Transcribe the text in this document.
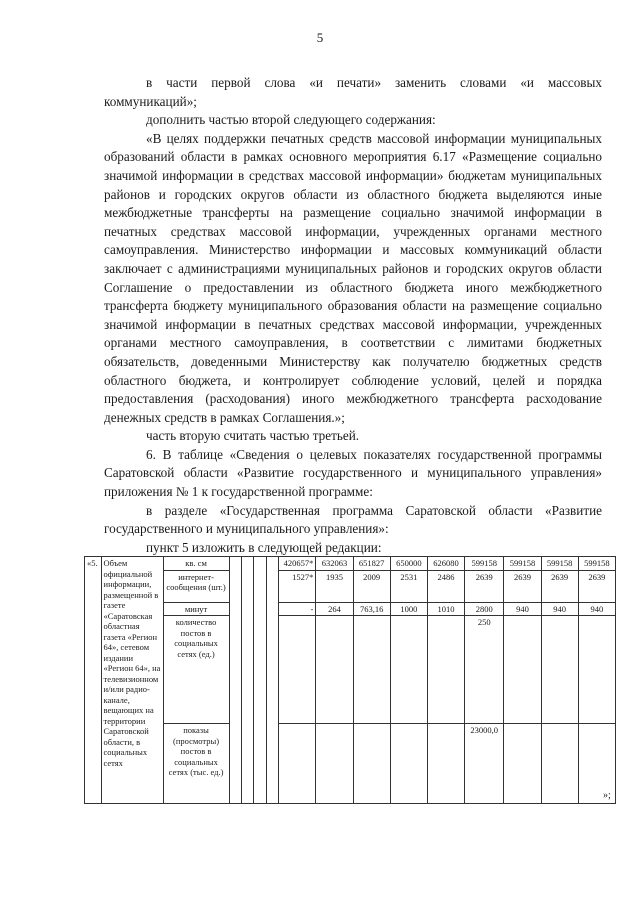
5

в части первой слова «и печати» заменить словами «и массовых коммуникаций»;

дополнить частью второй следующего содержания:

«В целях поддержки печатных средств массовой информации муниципальных образований области в рамках основного мероприятия 6.17 «Размещение социально значимой информации в средствах массовой информации» бюджетам муниципальных районов и городских округов области из областного бюджета выделяются иные межбюджетные трансферты на размещение социально значимой информации в печатных средствах массовой информации, учрежденных органами местного самоуправления. Министерство информации и массовых коммуникаций области заключает с администрациями муниципальных районов и городских округов области Соглашение о предоставлении из областного бюджета иного межбюджетного трансферта бюджету муниципального образования области на размещение социально значимой информации в печатных средствах массовой информации, учрежденных органами местного самоуправления, в соответствии с лимитами бюджетных обязательств, доведенными Министерству как получателю бюджетных средств областного бюджета, и контролирует соблюдение условий, целей и порядка предоставления (расходования) иного межбюджетного трансферта расходование денежных средств в рамках Соглашения.»;

часть вторую считать частью третьей.

6. В таблице «Сведения о целевых показателях государственной программы Саратовской области «Развитие государственного и муниципального управления» приложения № 1 к государственной программе:

в разделе «Государственная программа Саратовской области «Развитие государственного и муниципального управления»:

пункт 5 изложить в следующей редакции:

«5.	Объем официальной информации, размещенной в газете «Саратовская областная газета «Регион 64», сетевом издании «Регион 64», на телевизионном и/или радио-канале, вещающих на территории Саратовской области, в социальных сетях	кв. см					420657*	632063	651827	650000	626080	599158	599158	599158	599158
		интернет-сообщения (шт.)					1527*	1935	2009	2531	2486	2639	2639	2639	2639
		минут					-	264	763,16	1000	1010	2800	940	940	940
		количество постов в социальных сетях (ед.)										250			
		показы (просмотры) постов в социальных сетях (тыс. ед.)										23000,0			
»;
